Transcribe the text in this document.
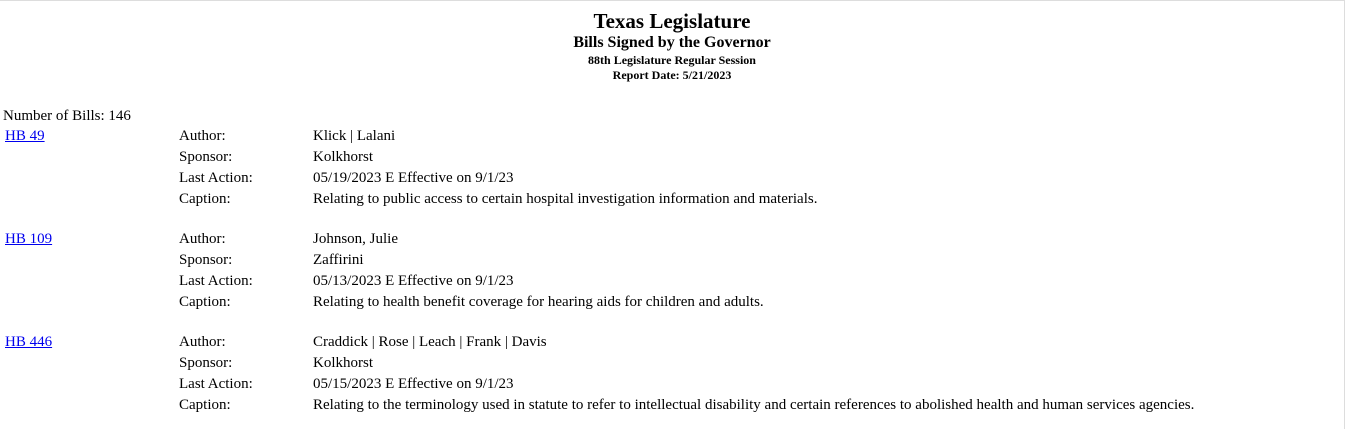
Texas Legislature
Bills Signed by the Governor
88th Legislature Regular Session
Report Date: 5/21/2023
Number of Bills: 146
HB 49	Author:	Klick | Lalani
Sponsor:	Kolkhorst
Last Action:	05/19/2023 E Effective on 9/1/23
Caption:	Relating to public access to certain hospital investigation information and materials.
HB 109	Author:	Johnson, Julie
Sponsor:	Zaffirini
Last Action:	05/13/2023 E Effective on 9/1/23
Caption:	Relating to health benefit coverage for hearing aids for children and adults.
HB 446	Author:	Craddick | Rose | Leach | Frank | Davis
Sponsor:	Kolkhorst
Last Action:	05/15/2023 E Effective on 9/1/23
Caption:	Relating to the terminology used in statute to refer to intellectual disability and certain references to abolished health and human services agencies.
